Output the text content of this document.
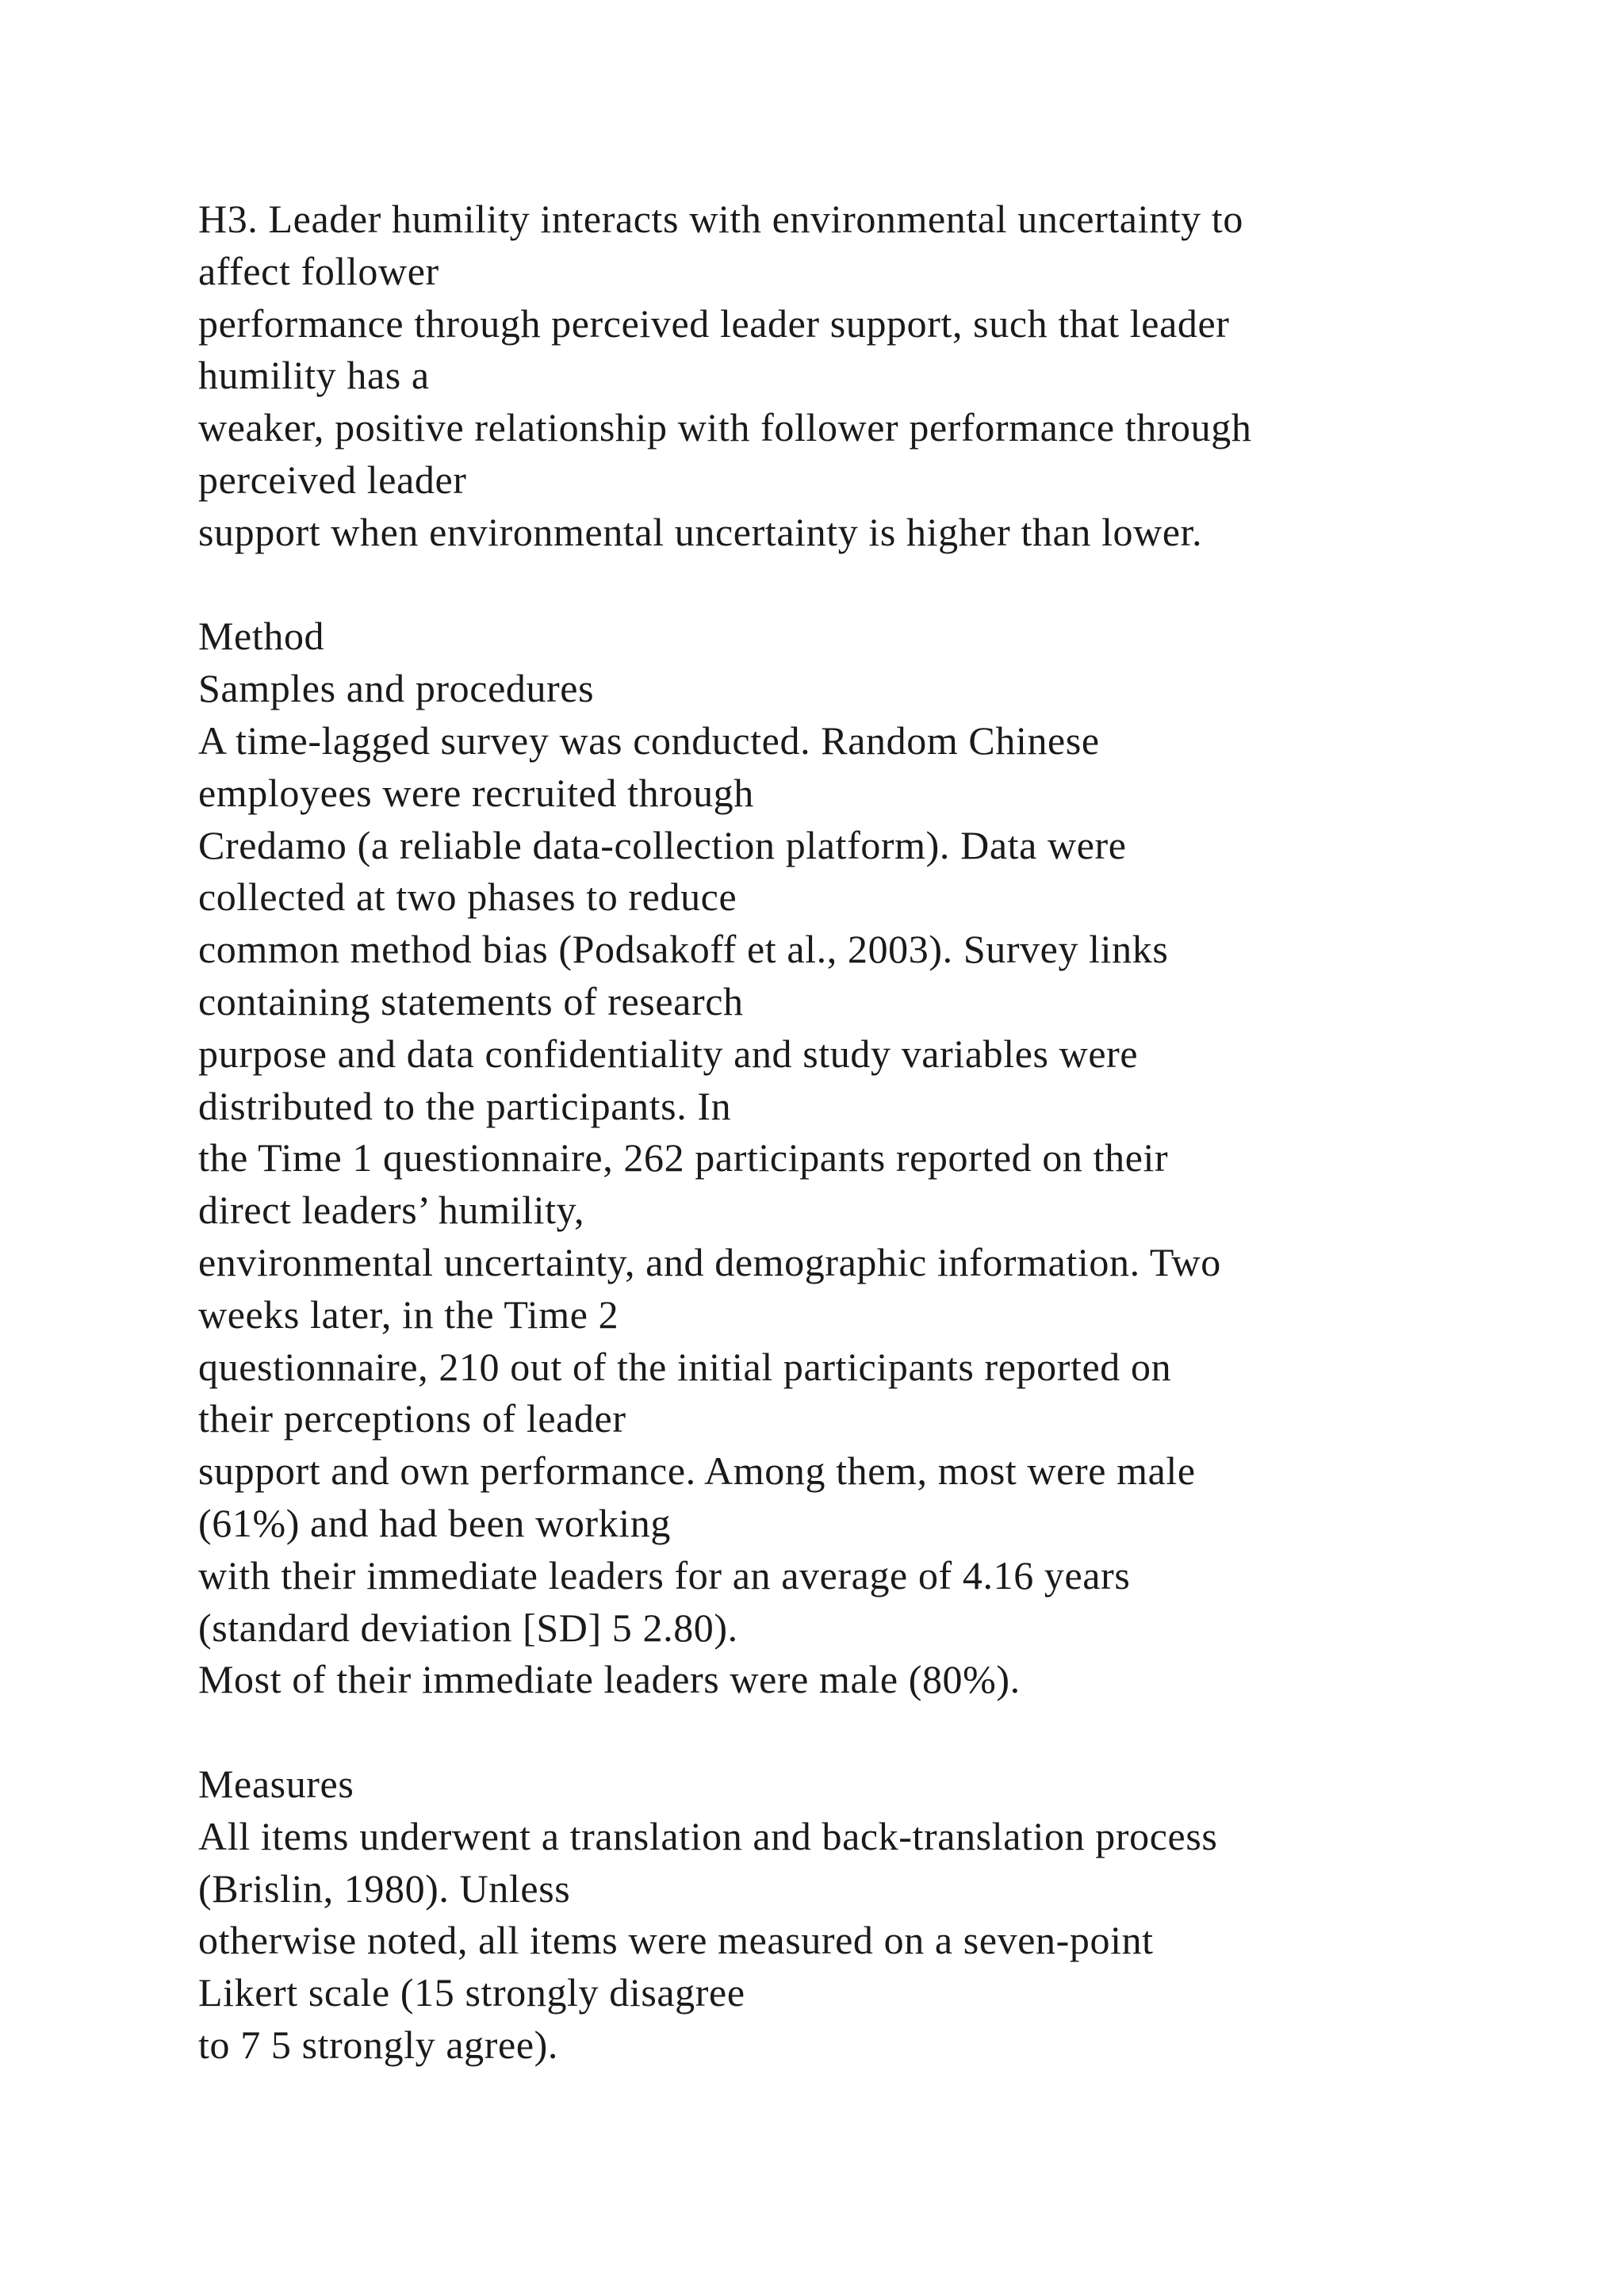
H3. Leader humility interacts with environmental uncertainty to
affect follower
performance through perceived leader support, such that leader
humility has a
weaker, positive relationship with follower performance through
perceived leader
support when environmental uncertainty is higher than lower.
Method
Samples and procedures
A time-lagged survey was conducted. Random Chinese
employees were recruited through
Credamo (a reliable data-collection platform). Data were
collected at two phases to reduce
common method bias (Podsakoff et al., 2003). Survey links
containing statements of research
purpose and data confidentiality and study variables were
distributed to the participants. In
the Time 1 questionnaire, 262 participants reported on their
direct leaders’ humility,
environmental uncertainty, and demographic information. Two
weeks later, in the Time 2
questionnaire, 210 out of the initial participants reported on
their perceptions of leader
support and own performance. Among them, most were male
(61%) and had been working
with their immediate leaders for an average of 4.16 years
(standard deviation [SD] 5 2.80).
Most of their immediate leaders were male (80%).
Measures
All items underwent a translation and back-translation process
(Brislin, 1980). Unless
otherwise noted, all items were measured on a seven-point
Likert scale (15 strongly disagree
to 7 5 strongly agree).
